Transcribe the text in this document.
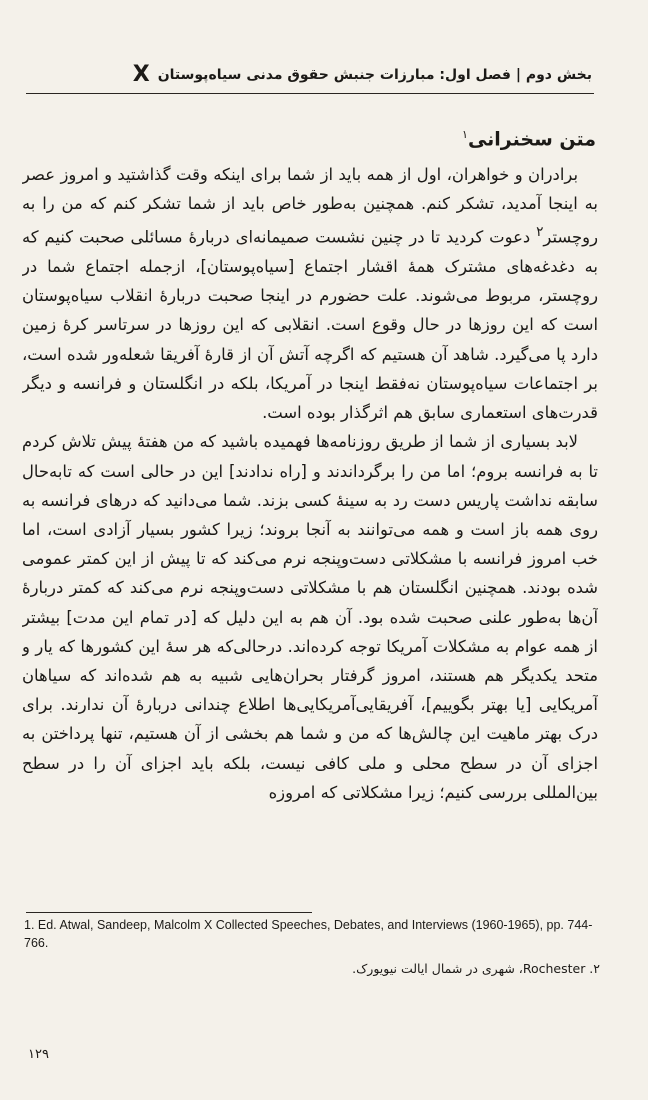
بخش دوم | فصل اول: مبارزات جنبش حقوق مدنی سیاه‌پوستان
X
متن سخنرانی$^۱$

برادران و خواهران، اول از همه باید از شما برای اینکه وقت گذاشتید و امروز عصر به اینجا آمدید، تشکر کنم. همچنین به‌طور خاص باید از شما تشکر کنم که من را به روچستر$^۲$ دعوت کردید تا در چنین نشست صمیمانه‌ای دربارهٔ مسائلی صحبت کنیم که به دغدغه‌های مشترک همهٔ اقشار اجتماع [سیاه‌پوستان]، ازجمله اجتماع شما در روچستر، مربوط می‌شوند. علت حضورم در اینجا صحبت دربارهٔ انقلاب سیاه‌پوستان است که این روزها در حال وقوع است. انقلابی که این روزها در سرتاسر کرهٔ زمین دارد پا می‌گیرد. شاهد آن هستیم که اگرچه آتش آن از قارهٔ آفریقا شعله‌ور شده است، بر اجتماعات سیاه‌پوستان نه‌فقط اینجا در آمریکا، بلکه در انگلستان و فرانسه و دیگر قدرت‌های استعماری سابق هم اثرگذار بوده است.

لابد بسیاری از شما از طریق روزنامه‌ها فهمیده باشید که من هفتهٔ پیش تلاش کردم تا به فرانسه بروم؛ اما من را برگرداندند و [راه ندادند] این در حالی است که تابه‌حال سابقه نداشت پاریس دست رد به سینهٔ کسی بزند. شما می‌دانید که درهای فرانسه به روی همه باز است و همه می‌توانند به آنجا بروند؛ زیرا کشور بسیار آزادی است، اما خب امروز فرانسه با مشکلاتی دست‌وپنجه نرم می‌کند که تا پیش از این کمتر عمومی شده بودند. همچنین انگلستان هم با مشکلاتی دست‌وپنجه نرم می‌کند که کمتر دربارهٔ آن‌ها به‌طور علنی صحبت شده بود. آن هم به این دلیل که [در تمام این مدت] بیشتر از همه عوام به مشکلات آمریکا توجه کرده‌اند. درحالی‌که هر سهٔ این کشورها که یار و متحد یکدیگر هم هستند، امروز گرفتار بحران‌هایی شبیه به هم شده‌اند که سیاهان آمریکایی [یا بهتر بگوییم]، آفریقایی‌آمریکایی‌ها اطلاع چندانی دربارهٔ آن ندارند. برای درک بهتر ماهیت این چالش‌ها که من و شما هم بخشی از آن هستیم، تنها پرداختن به اجزای آن در سطح محلی و ملی کافی نیست، بلکه باید اجزای آن را در سطح بین‌المللی بررسی کنیم؛ زیرا مشکلاتی که امروزه

1. Ed. Atwal, Sandeep, Malcolm X Collected Speeches, Debates, and Interviews (1960-1965), pp. 744-766.

۲. Rochester، شهری در شمال ایالت نیویورک.

۱۲۹
